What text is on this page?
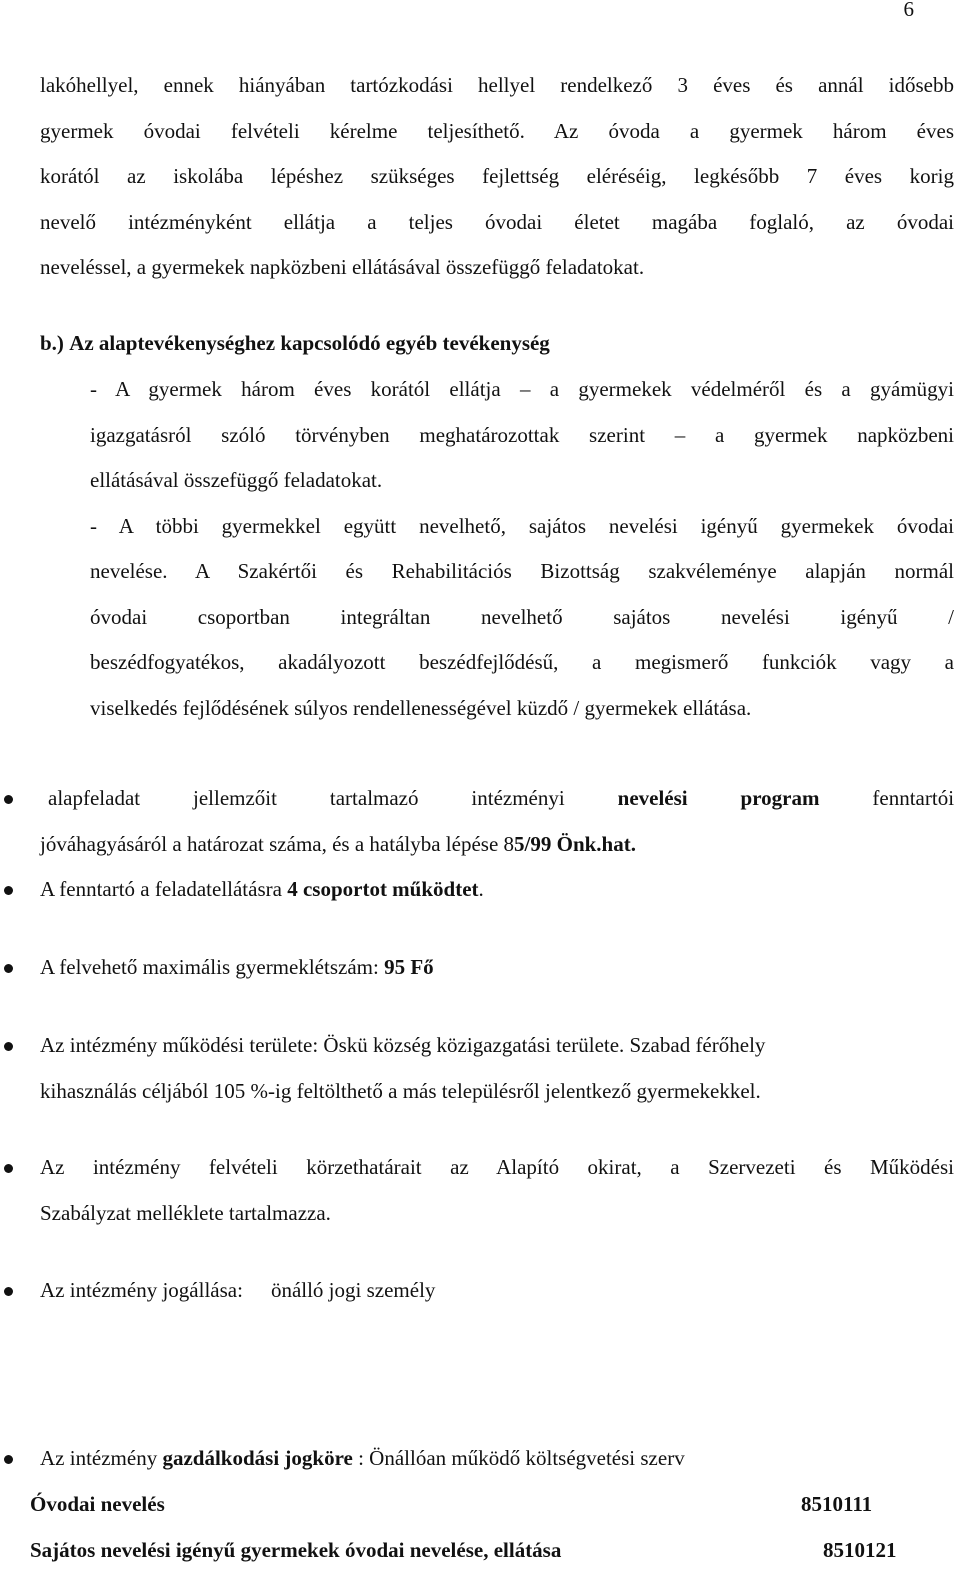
6
lakóhellyel, ennek hiányában tartózkodási hellyel rendelkező 3 éves és annál idősebb
gyermek óvodai felvételi kérelme teljesíthető. Az óvoda a gyermek három éves
korától az iskolába lépéshez szükséges fejlettség eléréséig, legkésőbb 7 éves korig
nevelő intézményként ellátja a teljes óvodai életet magába foglaló, az óvodai
neveléssel, a gyermekek napközbeni ellátásával összefüggő feladatokat.
b.) Az alaptevékenységhez kapcsolódó egyéb tevékenység
- A gyermek három éves korától ellátja – a gyermekek védelméről és a gyámügyi
igazgatásról szóló törvényben meghatározottak szerint – a gyermek napközbeni
ellátásával összefüggő feladatokat.
- A többi gyermekkel együtt nevelhető, sajátos nevelési igényű gyermekek óvodai
nevelése. A Szakértői és Rehabilitációs Bizottság szakvéleménye alapján normál
óvodai csoportban integráltan nevelhető sajátos nevelési igényű /
beszédfogyatékos, akadályozott beszédfejlődésű, a megismerő funkciók vagy a
viselkedés fejlődésének súlyos rendellenességével küzdő / gyermekek ellátása.
alapfeladat jellemzőit tartalmazó intézményi	nevelési program	fenntartói
jóváhagyásáról a határozat száma, és a hatályba lépése 85/99 Önk.hat.
A fenntartó a feladatellátásra 4 csoportot működtet.
A felvehető maximális gyermeklétszám: 95 Fő
Az intézmény működési területe: Öskü község közigazgatási területe. Szabad férőhely
kihasználás céljából 105 %-ig feltölthető a más településről jelentkező gyermekekkel.
Az intézmény felvételi körzethatárait az Alapító okirat, a Szervezeti és Működési
Szabályzat melléklete tartalmazza.
Az intézmény jogállása: önálló jogi személy
Az intézmény gazdálkodási jogköre : Önállóan működő költségvetési szerv
Óvodai nevelés	8510111
Sajátos nevelési igényű gyermekek óvodai nevelése, ellátása	8510121
